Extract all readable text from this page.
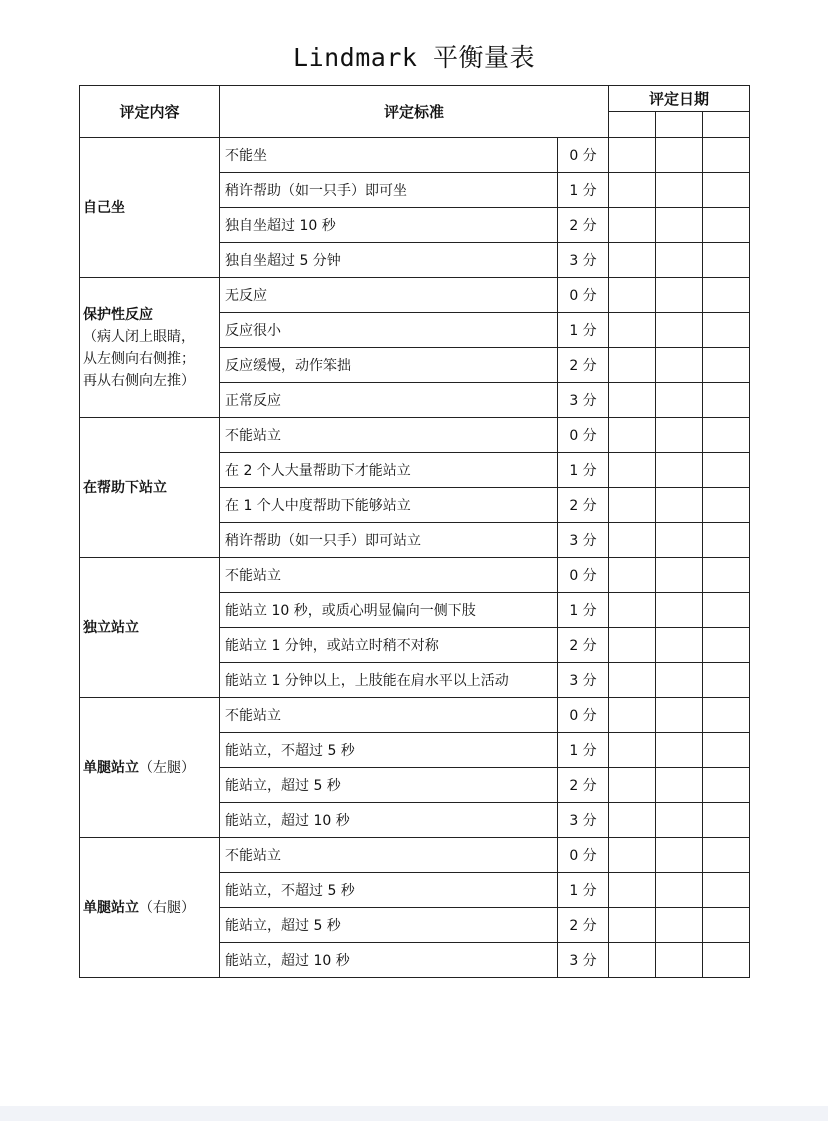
Lindmark 平衡量表
评定内容	评定标准		评定日期		

自己坐	不能坐	0 分			
	稍许帮助（如一只手）即可坐	1 分			
	独自坐超过 10 秒	2 分			
	独自坐超过 5 分钟	3 分			

保护性反应
（病人闭上眼睛，
从左侧向右侧推；
再从右侧向左推）	无反应	0 分			
	反应很小	1 分			
	反应缓慢，动作笨拙	2 分			
	正常反应	3 分			

在帮助下站立	不能站立	0 分			
	在 2 个人大量帮助下才能站立	1 分			
	在 1 个人中度帮助下能够站立	2 分			
	稍许帮助（如一只手）即可站立	3 分			

独立站立	不能站立	0 分			
	能站立 10 秒，或质心明显偏向一侧下肢	1 分			
	能站立 1 分钟，或站立时稍不对称	2 分			
	能站立 1 分钟以上，上肢能在肩水平以上活动	3 分			

单腿站立（左腿）	不能站立	0 分			
	能站立，不超过 5 秒	1 分			
	能站立，超过 5 秒	2 分			
	能站立，超过 10 秒	3 分			

单腿站立（右腿）	不能站立	0 分			
	能站立，不超过 5 秒	1 分			
	能站立，超过 5 秒	2 分			
	能站立，超过 10 秒	3 分			
